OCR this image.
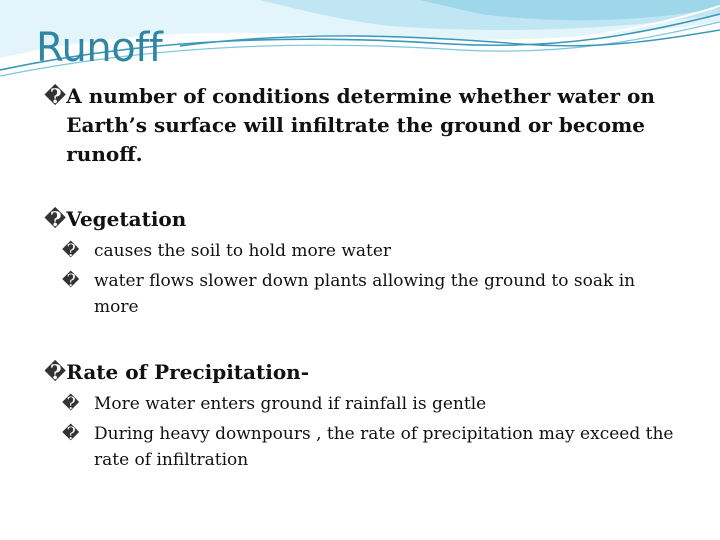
Runoff
� A number of conditions determine whether water on Earth’s surface will infiltrate the ground or become runoff.
� Vegetation
� causes the soil to hold more water
� water flows slower down plants allowing the ground to soak in more
� Rate of Precipitation-
� More water enters ground if rainfall is gentle
� During heavy downpours , the rate of precipitation may exceed the rate of infiltration
